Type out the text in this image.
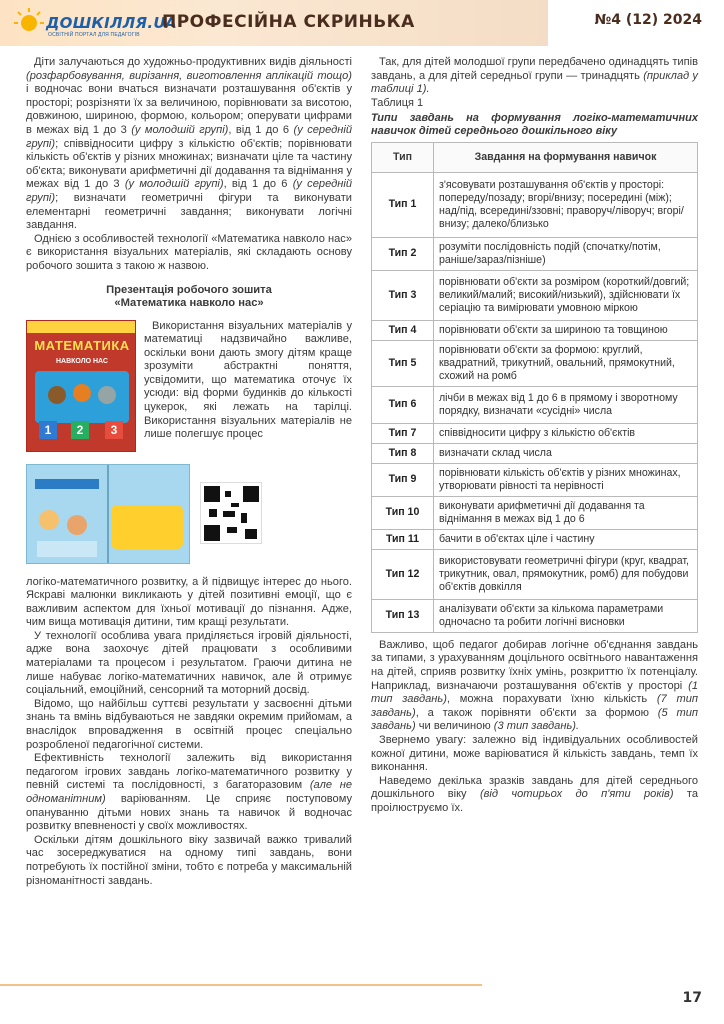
ДОШКІЛЛЯ.UA
ОСВІТНІЙ ПОРТАЛ ДЛЯ ПЕДАГОГІВ
ПРОФЕСІЙНА СКРИНЬКА	№4 (12) 2024

Діти залучаються до художньо-продуктивних видів діяльності (розфарбовування, вирізання, виготовлення аплікацій тощо) і водночас вони вчаться визначати розташування об'єктів у просторі; розрізняти їх за величиною, порівнювати за висотою, довжиною, шириною, формою, кольором; оперувати цифрами в межах від 1 до 3 (у молодшій групі), від 1 до 6 (у середній групі); співвідносити цифру з кількістю об'єктів; порівнювати кількість об'єктів у різних множинах; визначати ціле та частину об'єкта; виконувати арифметичні дії додавання та віднімання у межах від 1 до 3 (у молодшій групі), від 1 до 6 (у середній групі); визначати геометричні фігури та виконувати елементарні геометричні завдання; виконувати логічні завдання.

Однією з особливостей технології «Математика навколо нас» є використання візуальних матеріалів, які складають основу робочого зошита з такою ж назвою.

Презентація робочого зошита
«Математика навколо нас»
МАТЕМАТИКА
НАВКОЛО НАС
1	2	3

Використання візуальних матеріалів у математиці надзвичайно важливе, оскільки вони дають змогу дітям краще зрозуміти абстрактні поняття, усвідомити, що математика оточує їх усюди: від форми будинків до кількості цукерок, які лежать на тарілці. Використання візуальних матеріалів не лише полегшує процес

логіко-математичного розвитку, а й підвищує інтерес до нього. Яскраві малюнки викликають у дітей позитивні емоції, що є важливим аспектом для їхньої мотивації до пізнання. Адже, чим вища мотивація дитини, тим кращі результати.

У технології особлива увага приділяється ігровій діяльності, адже вона заохочує дітей працювати з особливими матеріалами та процесом і результатом. Граючи дитина не лише набуває логіко-математичних навичок, але й отримує соціальний, емоційний, сенсорний та моторний досвід.

Відомо, що найбільш суттєві результати у засвоєнні дітьми знань та вмінь відбуваються не завдяки окремим прийомам, а внаслідок впровадження в освітній процес спеціально розробленої педагогічної системи.

Ефективність технології залежить від використання педагогом ігрових завдань логіко-математичного розвитку у певній системі та послідовності, з багаторазовим (але не одноманітним) варіюванням. Це сприяє поступовому опануванню дітьми нових знань та навичок й водночас розвитку впевненості у своїх можливостях.

Оскільки дітям дошкільного віку зазвичай важко тривалий час зосереджуватися на одному типі завдань, вони потребують їх постійної зміни, тобто є потреба у максимальній різноманітності завдань.

Так, для дітей молодшої групи передбачено одинадцять типів завдань, а для дітей середньої групи — тринадцять (приклад у таблиці 1).

Таблиця 1
Типи завдань на формування логіко-математичних навичок дітей середнього дошкільного віку
Тип	Завдання на формування навичок
Тип 1	з'ясовувати розташування об'єктів у просторі: попереду/позаду; вгорі/внизу; посередині (між); над/під, всередині/ззовні; праворуч/ліворуч; вгорі/внизу; далеко/близько
Тип 2	розуміти послідовність подій (спочатку/потім, раніше/зараз/пізніше)
Тип 3	порівнювати об'єкти за розміром (короткий/довгий; великий/малий; високий/низький), здійснювати їх серіацію та вимірювати умовною міркою
Тип 4	порівнювати об'єкти за шириною та товщиною
Тип 5	порівнювати об'єкти за формою: круглий, квадратний, трикутний, овальний, прямокутний, схожий на ромб
Тип 6	лічби в межах від 1 до 6 в прямому і зворотному порядку, визначати «сусідні» числа
Тип 7	співвідносити цифру з кількістю об'єктів
Тип 8	визначати склад числа
Тип 9	порівнювати кількість об'єктів у різних множинах, утворювати рівності та нерівності
Тип 10	виконувати арифметичні дії додавання та віднімання в межах від 1 до 6
Тип 11	бачити в об'єктах ціле і частину
Тип 12	використовувати геометричні фігури (круг, квадрат, трикутник, овал, прямокутник, ромб) для побудови об'єктів довкілля
Тип 13	аналізувати об'єкти за кількома параметрами одночасно та робити логічні висновки

Важливо, щоб педагог добирав логічне об'єднання завдань за типами, з урахуванням доцільного освітнього навантаження на дітей, сприяв розвитку їхніх умінь, розкриттю їх потенціалу. Наприклад, визначаючи розташування об'єктів у просторі (1 тип завдань), можна порахувати їхню кількість (7 тип завдань), а також порівняти об'єкти за формою (5 тип завдань) чи величиною (3 тип завдань).

Звернемо увагу: залежно від індивідуальних особливостей кожної дитини, може варіюватися й кількість завдань, темп їх виконання.

Наведемо декілька зразків завдань для дітей середнього дошкільного віку (від чотирьох до п'яти років) та проілюструємо їх.

17
